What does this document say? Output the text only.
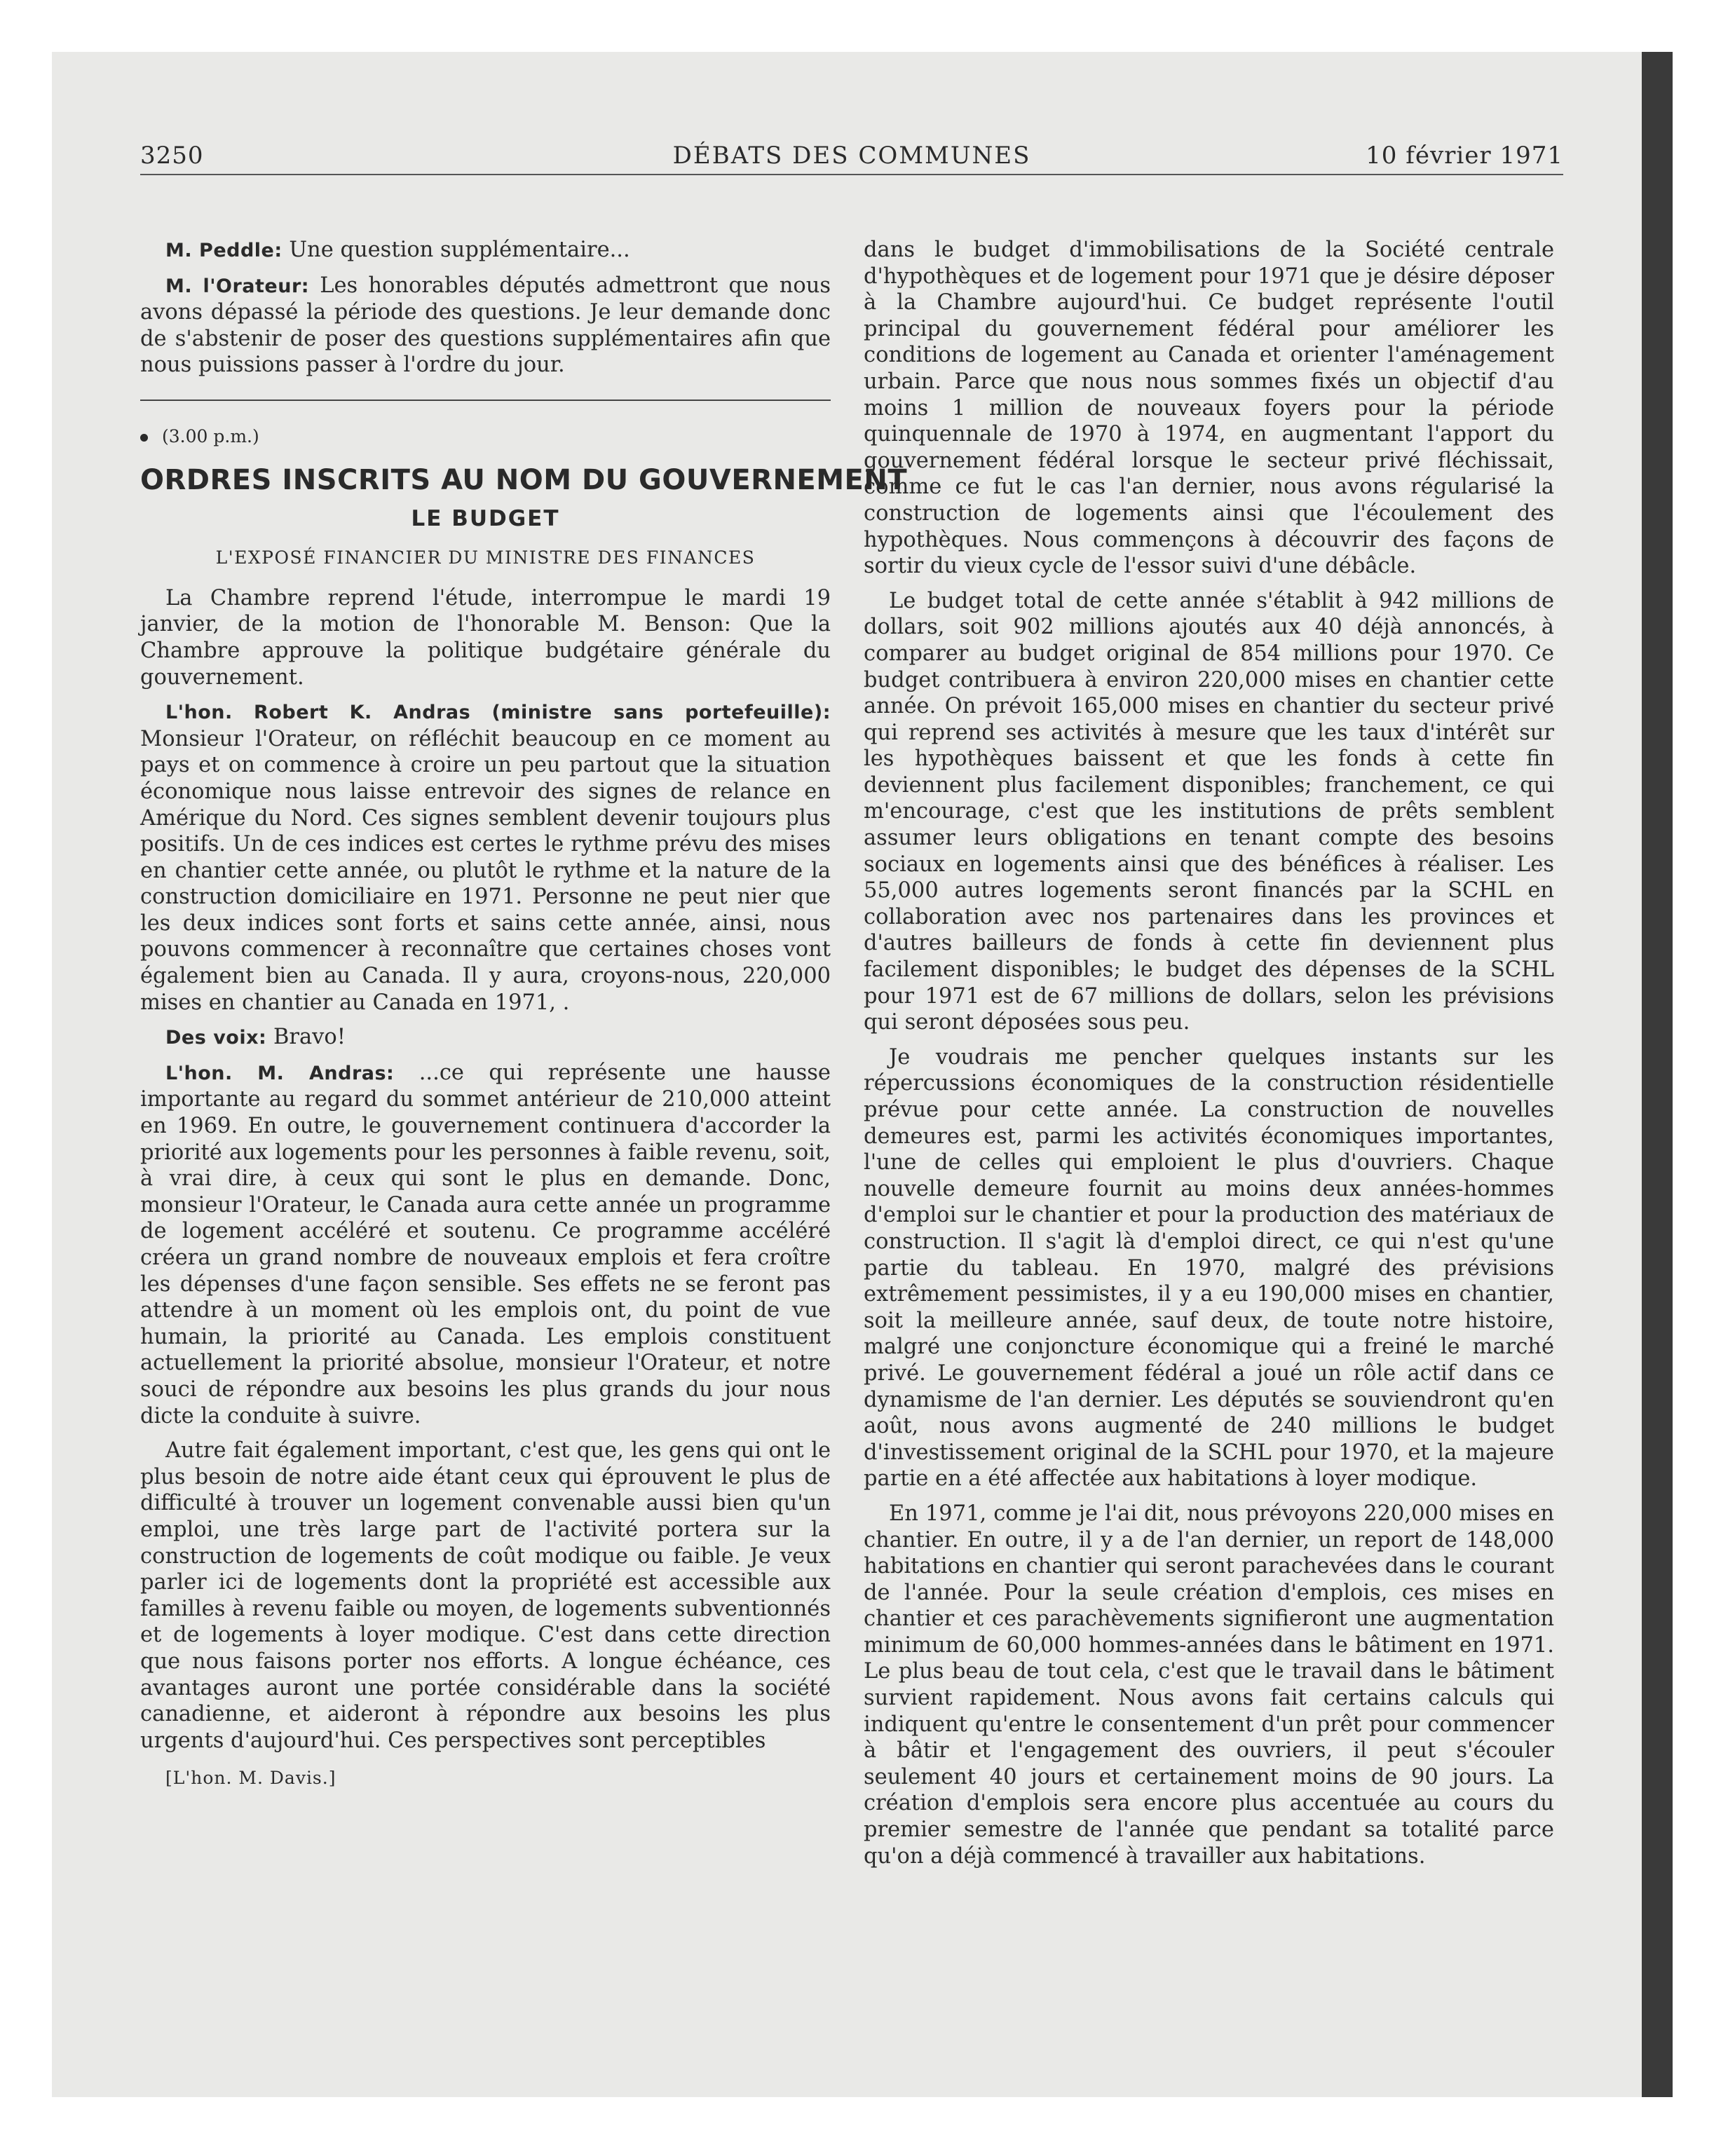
3250	DÉBATS DES COMMUNES	10 février 1971

M. Peddle: Une question supplémentaire...

M. l'Orateur: Les honorables députés admettront que nous avons dépassé la période des questions. Je leur demande donc de s'abstenir de poser des questions supplémentaires afin que nous puissions passer à l'ordre du jour.

(3.00 p.m.)
ORDRES INSCRITS AU NOM DU GOUVERNEMENT
LE BUDGET
L'EXPOSÉ FINANCIER DU MINISTRE DES FINANCES

La Chambre reprend l'étude, interrompue le mardi 19 janvier, de la motion de l'honorable M. Benson: Que la Chambre approuve la politique budgétaire générale du gouvernement.

L'hon. Robert K. Andras (ministre sans portefeuille): Monsieur l'Orateur, on réfléchit beaucoup en ce moment au pays et on commence à croire un peu partout que la situation économique nous laisse entrevoir des signes de relance en Amérique du Nord. Ces signes semblent devenir toujours plus positifs. Un de ces indices est certes le rythme prévu des mises en chantier cette année, ou plutôt le rythme et la nature de la construction domiciliaire en 1971. Personne ne peut nier que les deux indices sont forts et sains cette année, ainsi, nous pouvons commencer à reconnaître que certaines choses vont également bien au Canada. Il y aura, croyons-nous, 220,000 mises en chantier au Canada en 1971, .

Des voix: Bravo!

L'hon. M. Andras: ...ce qui représente une hausse importante au regard du sommet antérieur de 210,000 atteint en 1969. En outre, le gouvernement continuera d'accorder la priorité aux logements pour les personnes à faible revenu, soit, à vrai dire, à ceux qui sont le plus en demande. Donc, monsieur l'Orateur, le Canada aura cette année un programme de logement accéléré et soutenu. Ce programme accéléré créera un grand nombre de nouveaux emplois et fera croître les dépenses d'une façon sensible. Ses effets ne se feront pas attendre à un moment où les emplois ont, du point de vue humain, la priorité au Canada. Les emplois constituent actuellement la priorité absolue, monsieur l'Orateur, et notre souci de répondre aux besoins les plus grands du jour nous dicte la conduite à suivre.

Autre fait également important, c'est que, les gens qui ont le plus besoin de notre aide étant ceux qui éprouvent le plus de difficulté à trouver un logement convenable aussi bien qu'un emploi, une très large part de l'activité portera sur la construction de logements de coût modique ou faible. Je veux parler ici de logements dont la propriété est accessible aux familles à revenu faible ou moyen, de logements subventionnés et de logements à loyer modique. C'est dans cette direction que nous faisons porter nos efforts. A longue échéance, ces avantages auront une portée considérable dans la société canadienne, et aideront à répondre aux besoins les plus urgents d'aujourd'hui. Ces perspectives sont perceptibles

[L'hon. M. Davis.]

dans le budget d'immobilisations de la Société centrale d'hypothèques et de logement pour 1971 que je désire déposer à la Chambre aujourd'hui. Ce budget représente l'outil principal du gouvernement fédéral pour améliorer les conditions de logement au Canada et orienter l'aménagement urbain. Parce que nous nous sommes fixés un objectif d'au moins 1 million de nouveaux foyers pour la période quinquennale de 1970 à 1974, en augmentant l'apport du gouvernement fédéral lorsque le secteur privé fléchissait, comme ce fut le cas l'an dernier, nous avons régularisé la construction de logements ainsi que l'écoulement des hypothèques. Nous commençons à découvrir des façons de sortir du vieux cycle de l'essor suivi d'une débâcle.

Le budget total de cette année s'établit à 942 millions de dollars, soit 902 millions ajoutés aux 40 déjà annoncés, à comparer au budget original de 854 millions pour 1970. Ce budget contribuera à environ 220,000 mises en chantier cette année. On prévoit 165,000 mises en chantier du secteur privé qui reprend ses activités à mesure que les taux d'intérêt sur les hypothèques baissent et que les fonds à cette fin deviennent plus facilement disponibles; franchement, ce qui m'encourage, c'est que les institutions de prêts semblent assumer leurs obligations en tenant compte des besoins sociaux en logements ainsi que des bénéfices à réaliser. Les 55,000 autres logements seront financés par la SCHL en collaboration avec nos partenaires dans les provinces et d'autres bailleurs de fonds à cette fin deviennent plus facilement disponibles; le budget des dépenses de la SCHL pour 1971 est de 67 millions de dollars, selon les prévisions qui seront déposées sous peu.

Je voudrais me pencher quelques instants sur les répercussions économiques de la construction résidentielle prévue pour cette année. La construction de nouvelles demeures est, parmi les activités économiques importantes, l'une de celles qui emploient le plus d'ouvriers. Chaque nouvelle demeure fournit au moins deux années-hommes d'emploi sur le chantier et pour la production des matériaux de construction. Il s'agit là d'emploi direct, ce qui n'est qu'une partie du tableau. En 1970, malgré des prévisions extrêmement pessimistes, il y a eu 190,000 mises en chantier, soit la meilleure année, sauf deux, de toute notre histoire, malgré une conjoncture économique qui a freiné le marché privé. Le gouvernement fédéral a joué un rôle actif dans ce dynamisme de l'an dernier. Les députés se souviendront qu'en août, nous avons augmenté de 240 millions le budget d'investissement original de la SCHL pour 1970, et la majeure partie en a été affectée aux habitations à loyer modique.

En 1971, comme je l'ai dit, nous prévoyons 220,000 mises en chantier. En outre, il y a de l'an dernier, un report de 148,000 habitations en chantier qui seront parachevées dans le courant de l'année. Pour la seule création d'emplois, ces mises en chantier et ces parachèvements signifieront une augmentation minimum de 60,000 hommes-années dans le bâtiment en 1971. Le plus beau de tout cela, c'est que le travail dans le bâtiment survient rapidement. Nous avons fait certains calculs qui indiquent qu'entre le consentement d'un prêt pour commencer à bâtir et l'engagement des ouvriers, il peut s'écouler seulement 40 jours et certainement moins de 90 jours. La création d'emplois sera encore plus accentuée au cours du premier semestre de l'année que pendant sa totalité parce qu'on a déjà commencé à travailler aux habitations.
